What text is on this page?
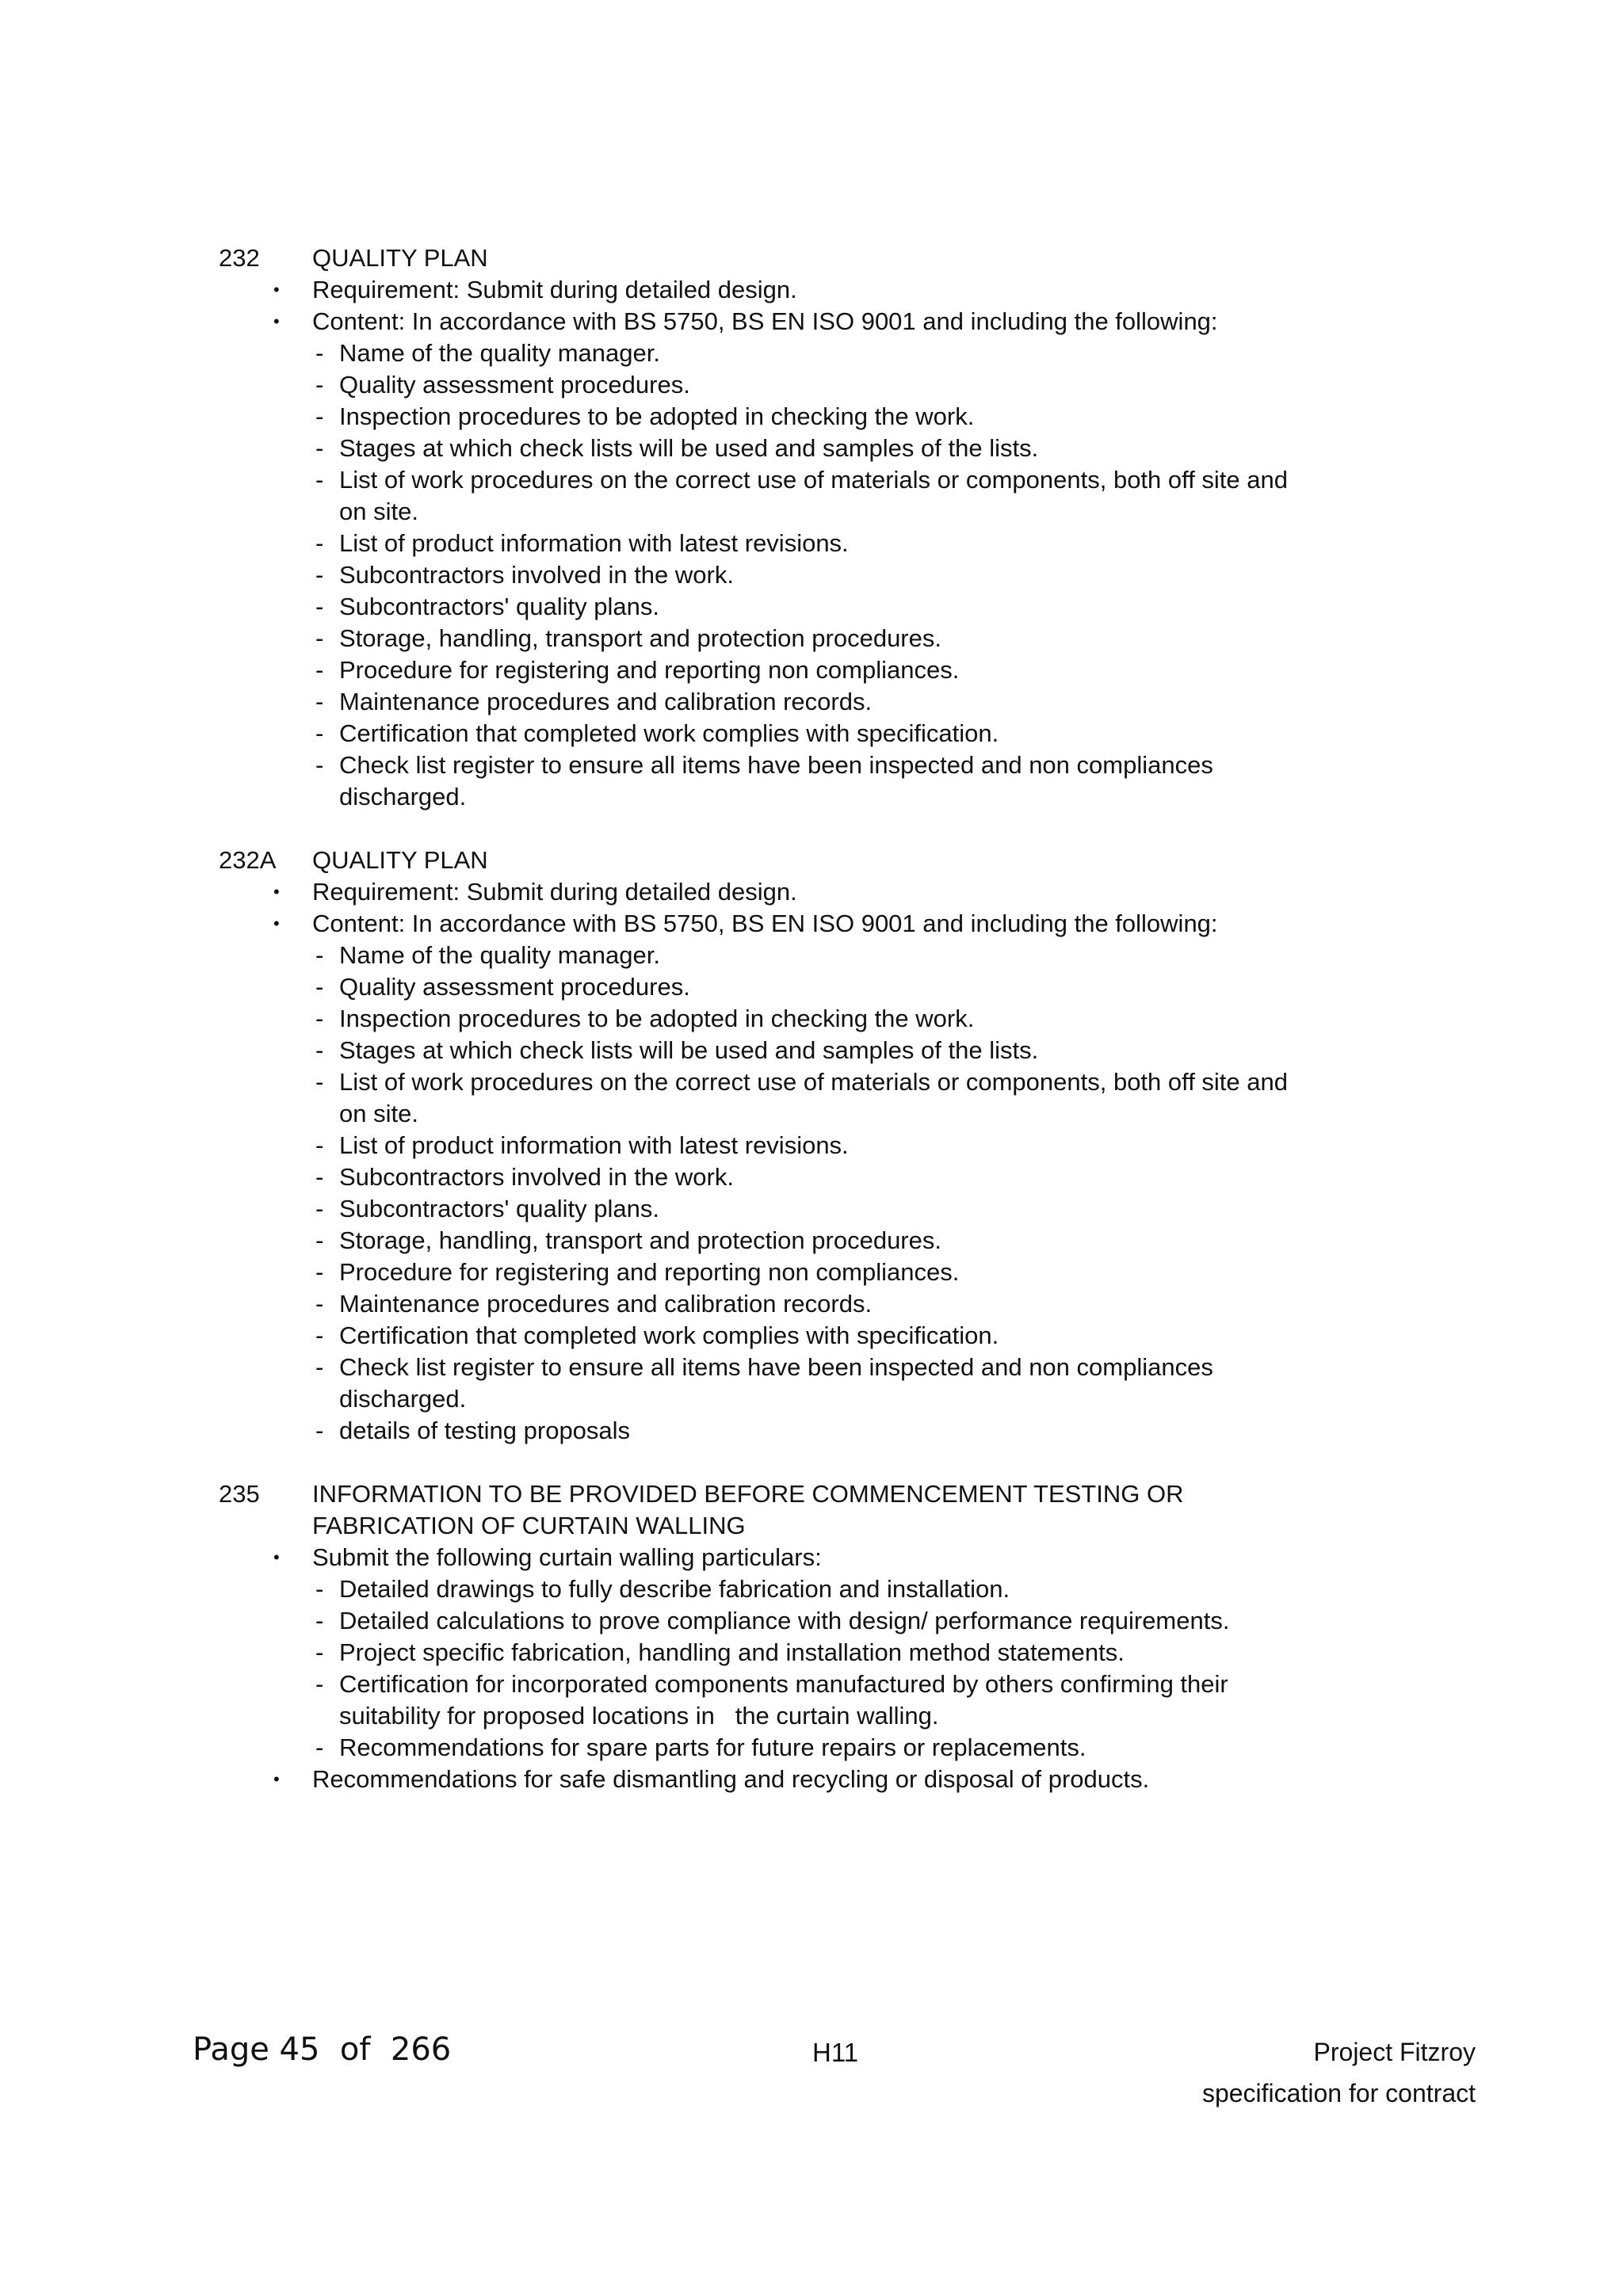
232 QUALITY PLAN
• Requirement: Submit during detailed design.
• Content: In accordance with BS 5750, BS EN ISO 9001 and including the following:
- Name of the quality manager.
- Quality assessment procedures.
- Inspection procedures to be adopted in checking the work.
- Stages at which check lists will be used and samples of the lists.
- List of work procedures on the correct use of materials or components, both off site and
on site.
- List of product information with latest revisions.
- Subcontractors involved in the work.
- Subcontractors' quality plans.
- Storage, handling, transport and protection procedures.
- Procedure for registering and reporting non compliances.
- Maintenance procedures and calibration records.
- Certification that completed work complies with specification.
- Check list register to ensure all items have been inspected and non compliances
discharged.
232A QUALITY PLAN
• Requirement: Submit during detailed design.
• Content: In accordance with BS 5750, BS EN ISO 9001 and including the following:
- Name of the quality manager.
- Quality assessment procedures.
- Inspection procedures to be adopted in checking the work.
- Stages at which check lists will be used and samples of the lists.
- List of work procedures on the correct use of materials or components, both off site and
on site.
- List of product information with latest revisions.
- Subcontractors involved in the work.
- Subcontractors' quality plans.
- Storage, handling, transport and protection procedures.
- Procedure for registering and reporting non compliances.
- Maintenance procedures and calibration records.
- Certification that completed work complies with specification.
- Check list register to ensure all items have been inspected and non compliances
discharged.
- details of testing proposals
235 INFORMATION TO BE PROVIDED BEFORE COMMENCEMENT TESTING OR
FABRICATION OF CURTAIN WALLING
• Submit the following curtain walling particulars:
- Detailed drawings to fully describe fabrication and installation.
- Detailed calculations to prove compliance with design/ performance requirements.
- Project specific fabrication, handling and installation method statements.
- Certification for incorporated components manufactured by others confirming their
suitability for proposed locations in   the curtain walling.
- Recommendations for spare parts for future repairs or replacements.
• Recommendations for safe dismantling and recycling or disposal of products.
Page 45  of  266	H11	Project Fitzroy
specification for contract
